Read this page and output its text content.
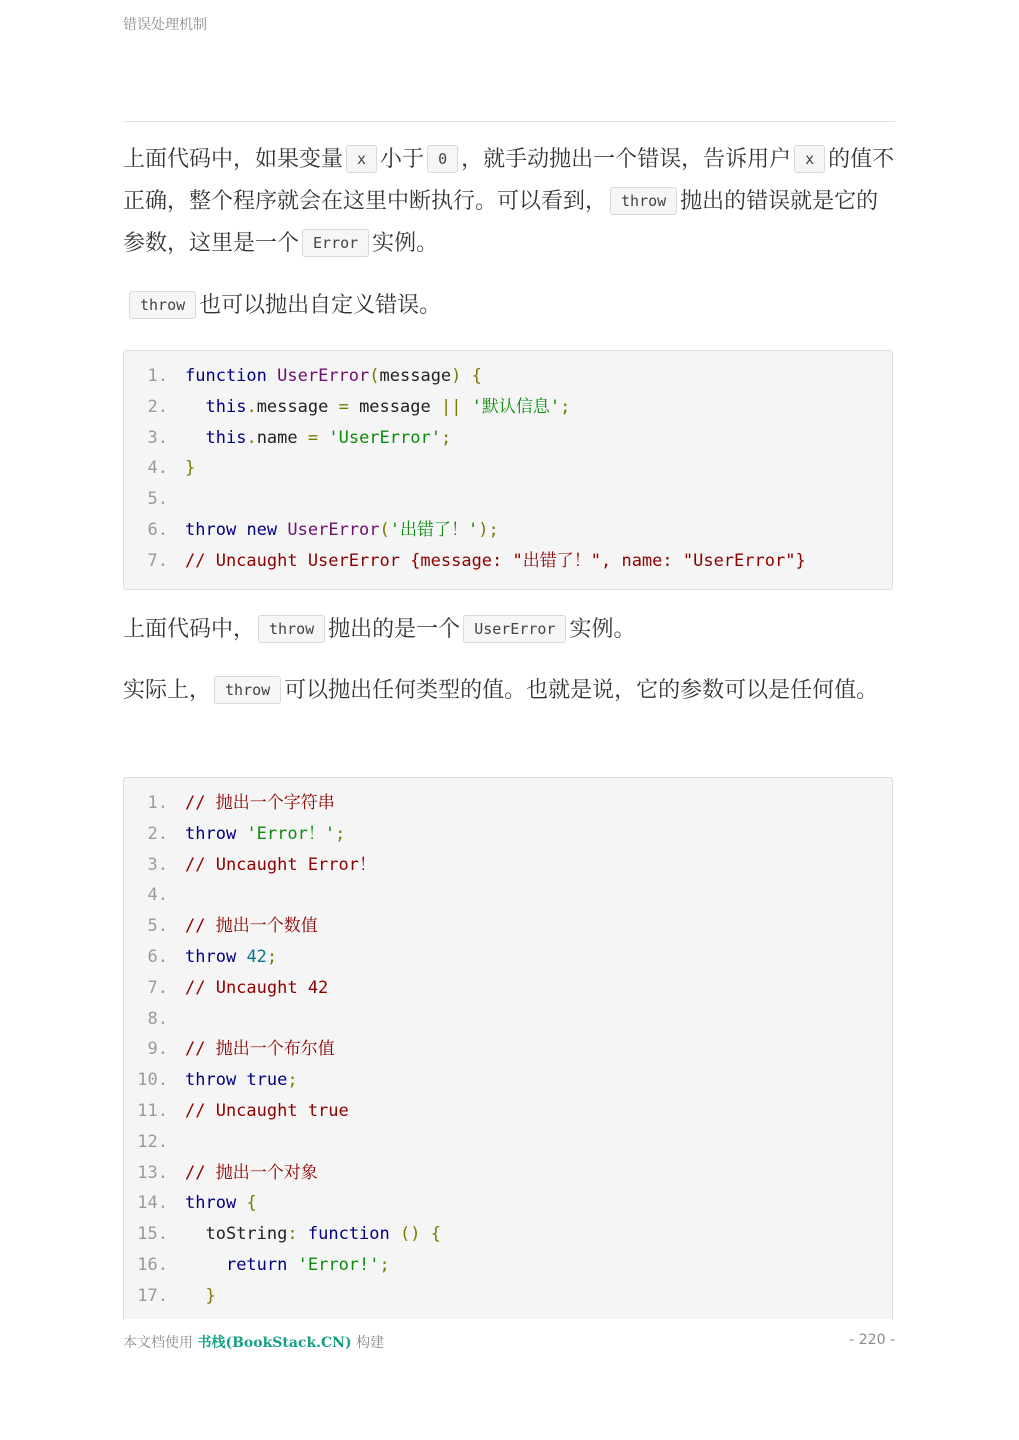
错误处理机制
上面代码中，如果变量 x 小于 0 ，就手动抛出一个错误，告诉用户 x 的值不正确，整个程序就会在这里中断执行。可以看到， throw 抛出的错误就是它的参数，这里是一个 Error 实例。
throw 也可以抛出自定义错误。
1.	function UserError(message) {
2.	this.message = message || '默认信息';
3.	this.name = 'UserError';
4.	}
5.
6.	throw new UserError('出错了！');
7.	// Uncaught UserError {message: "出错了！", name: "UserError"}
上面代码中， throw 抛出的是一个 UserError 实例。
实际上， throw 可以抛出任何类型的值。也就是说，它的参数可以是任何值。
1.	// 抛出一个字符串
2.	throw 'Error！';
3.	// Uncaught Error！
4.
5.	// 抛出一个数值
6.	throw 42;
7.	// Uncaught 42
8.
9.	// 抛出一个布尔值
10.	throw true;
11.	// Uncaught true
12.
13.	// 抛出一个对象
14.	throw {
15.	toString: function () {
16.	return 'Error!';
17.	}
本文档使用 书栈(BookStack.CN) 构建	- 220 -
